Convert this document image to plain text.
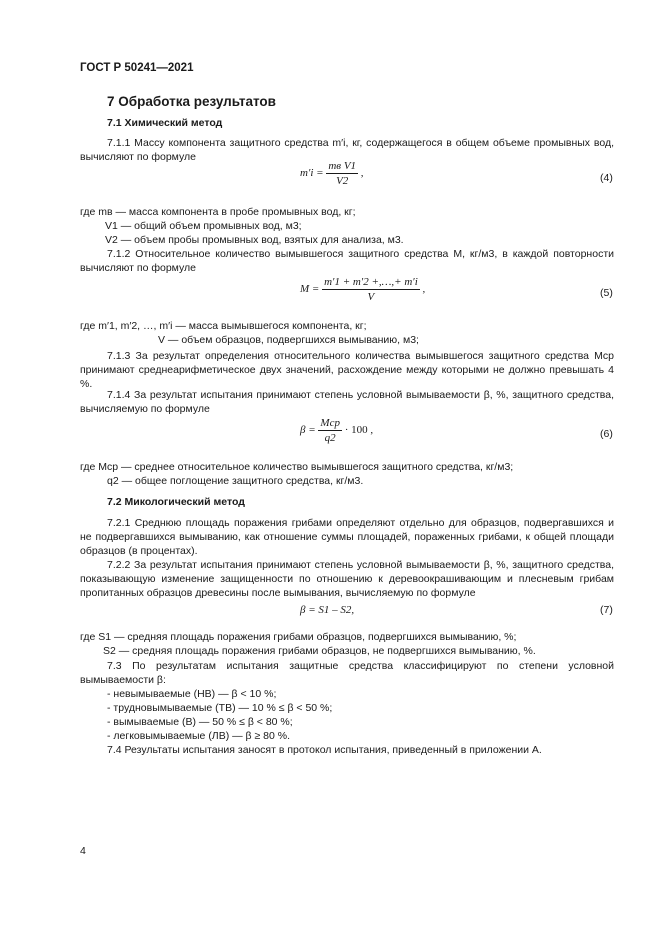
ГОСТ Р 50241—2021
7 Обработка результатов
7.1 Химический метод
7.1.1 Массу компонента защитного средства m′i, кг, содержащегося в общем объеме промывных вод, вычисляют по формуле
$m'i = \frac{\text{mв V1}}{V2}$ ,	(4)
где mв — масса компонента в пробе промывных вод, кг;
V1 — общий объем промывных вод, м3;
V2 — объем пробы промывных вод, взятых для анализа, м3.
7.1.2 Относительное количество вымывшегося защитного средства M, кг/м3, в каждой повторности вычисляют по формуле
$M = \frac{m'1 + m'2 +,\dots,+ m'i}{V}$ ,	(5)
где m′1, m′2, …, m′i — масса вымывшегося компонента, кг;
V — объем образцов, подвергшихся вымыванию, м3;
7.1.3 За результат определения относительного количества вымывшегося защитного средства Mср принимают среднеарифметическое двух значений, расхождение между которыми не должно превышать 4 %.
7.1.4 За результат испытания принимают степень условной вымываемости β, %, защитного средства, вычисляемую по формуле
$\beta = \frac{\text{Mср}}{q2} \cdot 100$ ,	(6)
где Mср — среднее относительное количество вымывшегося защитного средства, кг/м3;
q2 — общее поглощение защитного средства, кг/м3.
7.2 Микологический метод
7.2.1 Среднюю площадь поражения грибами определяют отдельно для образцов, подвергавшихся и не подвергавшихся вымыванию, как отношение суммы площадей, пораженных грибами, к общей площади образцов (в процентах).
7.2.2 За результат испытания принимают степень условной вымываемости β, %, защитного средства, показывающую изменение защищенности по отношению к деревоокрашивающим и плесневым грибам пропитанных образцов древесины после вымывания, вычисляемую по формуле
β = S1 – S2,	(7)
где S1 — средняя площадь поражения грибами образцов, подвергшихся вымыванию, %;
S2 — средняя площадь поражения грибами образцов, не подвергшихся вымыванию, %.
7.3 По результатам испытания защитные средства классифицируют по степени условной вымываемости β:
- невымываемые (НВ) — β < 10 %;
- трудновымываемые (ТВ) — 10 % ≤ β < 50 %;
- вымываемые (В) — 50 % ≤ β < 80 %;
- легковымываемые (ЛВ) — β ≥ 80 %.
7.4 Результаты испытания заносят в протокол испытания, приведенный в приложении А.
4
